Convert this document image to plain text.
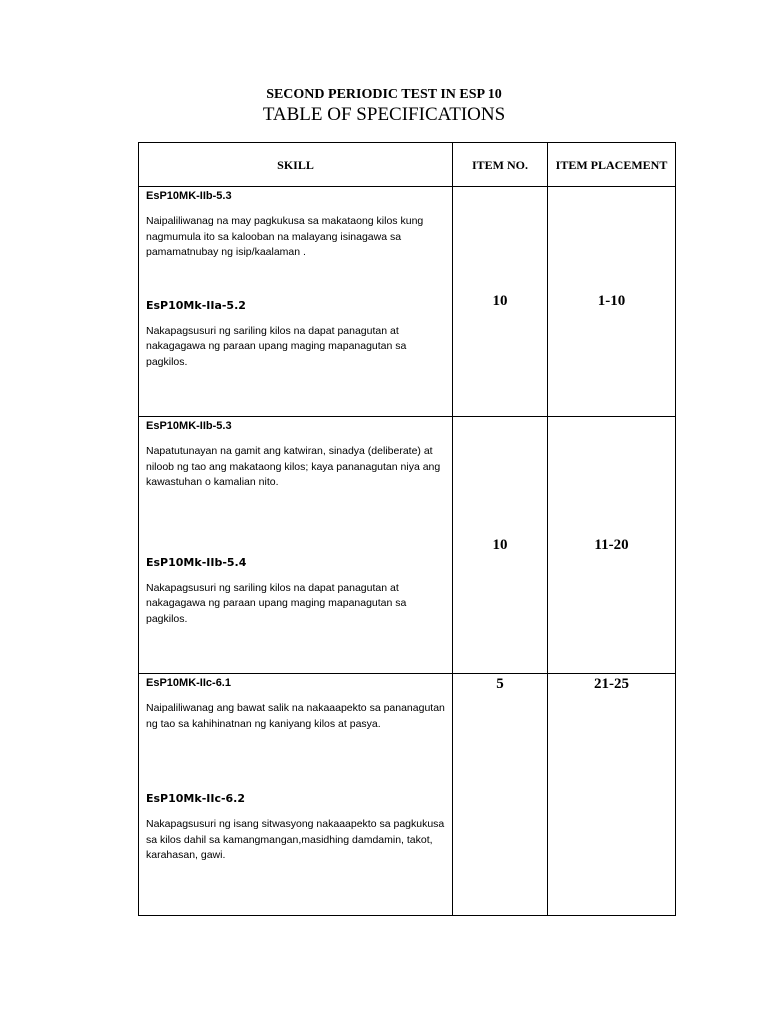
SECOND PERIODIC TEST IN ESP 10
TABLE OF SPECIFICATIONS
SKILL	ITEM NO.	ITEM PLACEMENT

EsP10MK-IIb-5.3
Naipaliliwanag na may pagkukusa sa makataong kilos kung nagmumula ito sa kalooban na malayang isinagawa sa pamamatnubay ng isip/kaalaman .
EsP10Mk-IIa-5.2
Nakapagsusuri ng sariling kilos na dapat panagutan at nakagagawa ng paraan upang maging mapanagutan sa pagkilos.	10	1-10

EsP10MK-IIb-5.3
Napatutunayan na gamit ang katwiran, sinadya (deliberate) at niloob ng tao ang makataong kilos; kaya pananagutan niya ang kawastuhan o kamalian nito.
EsP10Mk-IIb-5.4
Nakapagsusuri ng sariling kilos na dapat panagutan at nakagagawa ng paraan upang maging mapanagutan sa pagkilos.	10	11-20

EsP10MK-IIc-6.1
Naipaliliwanag ang bawat salik na nakaaapekto sa pananagutan ng tao sa kahihinatnan ng kaniyang kilos at pasya.
EsP10Mk-IIc-6.2
Nakapagsusuri ng isang sitwasyong nakaaapekto sa pagkukusa sa kilos dahil sa kamangmangan,masidhing damdamin, takot, karahasan, gawi.	5	21-25
